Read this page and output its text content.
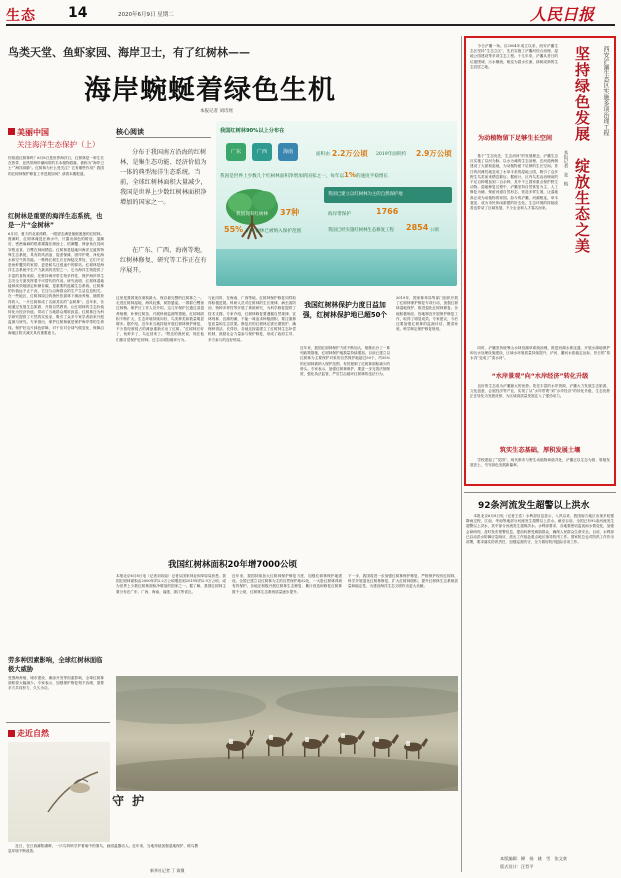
生态 14	2020年6月9日 星期二	人民日报
鸟类天堂、鱼虾家园、海岸卫士，有了红树林——
海岸蜿蜒着绿色生机
本报记者 刘诗瑶
美丽中国
关注海洋生态保护（上）
你知道红树林吗？6月8日是世界海洋日，红树林是一种生长在热带、亚热带海岸潮间带的木本植物群落，被称为“海岸卫士”“海洋绿肺”。红树林为什么受关注？它有哪些作用？我国的红树林保护修复工作进展如何？请看本期报道。
红树林是重要的海洋生态系统，也是一片“金树林”
6月初，夏天的北部湾畔，一眼望去满是郁郁葱葱的红树林。涨潮时，红树林淹没在海水中，只露出绿色的树冠；退潮后，密密麻麻的根系裸露在滩涂上，招潮蟹、弹涂鱼在其间穿梭觅食，白鹭在林间栖息。红树林是陆地向海洋过渡的特殊生态系统，具有防风消浪、促淤保滩、固岸护堤、净化海水和空气的功能。一株株红树生长在海陆交界处，它们不仅是鱼虾蟹贝的家园，更是候鸟迁徙途中的驿站。红树林是海洋生态系统中生产力最高的类型之一，它为海洋生物提供了丰富的食物来源，在维持海岸带生物多样性、保护海岸带生态安全方面发挥着不可替代的作用。研究表明，红树林湿地能够高效地固定和储存碳，是重要的蓝碳生态系统。红树林的价值远不止于此，它还与沿海群众的生产生活息息相关。在一些地区，红树林周边的渔民依靠林下滩涂养殖、捕捞获得收入，一片红树林成了名副其实的“金树林”。近年来，各地通过发展生态旅游、开展自然教育，让红树林的生态价值转化为经济价值，带动了当地群众增收致富。红树林还为科学研究提供了天然的实验室，吸引了众多专家学者前来开展监测与研究。专家指出，保护红树林就是保护海岸带的生命线。保护好这片绿色屏障，对于应对全球气候变化、保障沿海地区防灾减灾具有重要意义。
劳多种因素影响，全球红树林面临极大威胁
受围海养殖、城市建设、滩涂开发等因素影响，全球红树林面积曾大幅减少。专家表示，加强保护修复刻不容缓，需要多方共同努力，久久为功。
核心阅读
分布于我国南方沿海的红树林，是集生态功能、经济价值为一体的典型海洋生态系统。当前，全球红树林面积大量减少，我国是世界上少数红树林面积净增加的国家之一。
在广东、广西、海南等地，红树林修复、研究等工作正在有序展开。
我国红树林90%以上分布在
广东	广西	海南	面积由 2.2万公顷 2019年面积约 2.9万公顷
我国是世界上少数几个红树林面积净增加的国家之一，每年以1%的速度平稳增长
我国现有红树林 37种
55% 的红树林已被纳入保护范围
我国已建立以红树林为主的自然保护地
海岸带保护	1766
我国已经实施红树林生态修复工程 2854 公顷
这里是我国现存面积最大、保存最完整的红树林之一。走进红树林湿地，海风轻拂，树影婆娑，一群群白鹭掠过林梢。保护区工作人员介绍，这几年保护区通过清退养殖塘、补种红树苗、开展科研监测等措施，红树林面积不断扩大，生态环境持续向好，鸟类种类和数量明显增多。据介绍，近年来当地持续开展红树林保护修复，不少曾经被侵占的滩涂重新长出了红树。“红树林长好了，鱼虾多了，鸟也回来了。”附近的渔民说，现在他们都自觉保护红树林，还主动劝阻破坏行为。
与此同时，在海南、广西等地，红树林保护修复同样取得积极进展。科研人员对红树林的生长规律、病虫害防治、物种多样性等开展了系统研究，为科学修复提供了技术支撑。专家介绍，红树林修复要遵循自然规律，宜林则林、宜滩则滩，不能一味追求种植面积，要注重修复质量和生态效果。修复后的红树林还需长期管护，确保种得活、长得好。各地还探索建立了红树林生态补偿机制，鼓励社会力量参与保护修复，形成了政府主导、多方参与的良好格局。
我国红树林保护力度日益加强，红树林保护地已超50个
近年来，我国红树林保护力度不断加大，相继出台了一系列政策措施，红树林保护地数量持续增加。目前已建立以红树林为主要保护对象的自然保护地超过50个，约55%的红树林被纳入保护范围，有效遏制了红树林面积减少的势头。专家表示，加强红树林保护，要进一步完善法规制度，强化执法监管，严厉打击破坏红树林的违法行为。
2019年，国家林草局等部门组织开展了红树林保护修复专项行动，加强红树林湿地保护，推进退化红树林修复。各地积极响应，因地制宜开展保护修复工作，取得了明显成效。专家建议，今后还要加强红树林的监测评估，摸清家底，科学制定保护修复规划。
我国红树林面积20年增7000公顷
本报北京6月8日电（记者刘诗瑶）记者从国家林业和草原局获悉，我国红树林面积由2000年的2.2万公顷增加到2019年的2.9万公顷，成为世界上少数红树林面积净增加的国家之一。据了解，我国红树林主要分布在广东、广西、海南、福建、浙江等省区。
近年来，我国持续加大红树林保护修复力度，加强红树林保护地建设。全国已建立以红树林为主的自然保护地52处，一大批红树林得到有效保护。各地还积极开展红树林生态修复，累计营造和修复红树林数千公顷，红树林生态系统质量逐步提升。
下一步，我国将进一步加强红树林保护修复，严格保护现有红树林，科学开展退化红树林修复，扩大红树林面积，提升红树林生态系统质量和稳定性，为建设海洋生态文明作出更大贡献。
走近自然
守 护
　　近日，在江西鄱阳湖畔，一只鸟妈妈守护着巢中的雏鸟，画面温馨动人。近年来，当地持续加强湿地保护，候鸟栖息环境不断改善。
新华社记者 丁 霖摄
坚持绿色发展　绽放生态之美	西安浐灞生态区实施多项治理工程
本报记者　张　梅
　　今日浐灞一角。自2004年成立以来，西安浐灞生态区坚持“生态立区”，先后实施了浐灞河综合治理、湿地公园建设等多项生态工程。十几年来，浐灞从昔日的垃圾围城、污水横流，蜕变为碧水长流、绿树成荫的生态宜居之地。
为动植物留下足够生长空间
　　基于“生态优先，生态治河”的发展理念，浐灞生态区实施了以河为脉、以水为魂的生态治理，在河道两侧建设了大面积湿地，为动植物留下足够的生长空间。昔日的河滩荒地变成了水草丰美的湿地公园，吸引了众多野生鸟类前来栖息繁衍。据统计，区内鸟类由治理前的不足百种增加到二百余种，其中不乏国家重点保护野生动物。湿地修复过程中，浐灞坚持自然恢复为主、人工修复为辅，保留河道自然形态，营造多样生境，让湿地真正成为动植物的家园。如今的浐灞，河湖相连，草木葱茏，成为市民休闲游憩的好去处。生态环境的持续改善也带动了区域发展，不少企业和人才慕名而来。
　　同时，浐灞坚持统筹山水林田湖草系统治理，推进河湖水系连通，开展水源地保护和污水处理设施建设，区域水环境质量持续提升，浐河、灞河水质稳定达标，昔日的“臭水沟”变成了“清水河”。
“水岸景观”向“水岸经济”转化升级
　　良好的生态成为浐灞最大的优势。依托丰富的水岸资源，浐灞大力发展生态旅游、文化创意、会展经济等产业，实现了从“水岸景观”到“水岸经济”的转化升级，生态优势正在转化为发展优势，为区域高质量发展注入了强劲动力。
筑实生态基础，厚积发展土壤
　　学校建起了“花园”，现代都市与野生动植物和谐共处，浐灞正以生态为基、厚植发展沃土，书写绿色发展新篇章。
92条河流发生超警以上洪水
　　本报北京6月8日电（记者王浩）水利部信息显示，入汛以来，我国南方地区出现多轮强降雨过程，江南、华南等地部分河流发生超警以上洪水。截至目前，全国已有92条河流发生超警以上洪水，其中部分河流发生超保洪水。水利部要求，各地要密切监视雨水情变化，加强会商研判，及时发布预警信息，提前转移受威胁群众，确保人民群众生命安全。目前，水利部已启动洪水防御应急响应，派出工作组赴重点地区指导防汛工作。国家防总也对防汛工作作出部署，要求落实防汛责任，加强巡查防守，全力做好防汛抢险各项工作。
本版编辑：柳　扬　姚　雪　张文豪
版式设计：汪哲平
